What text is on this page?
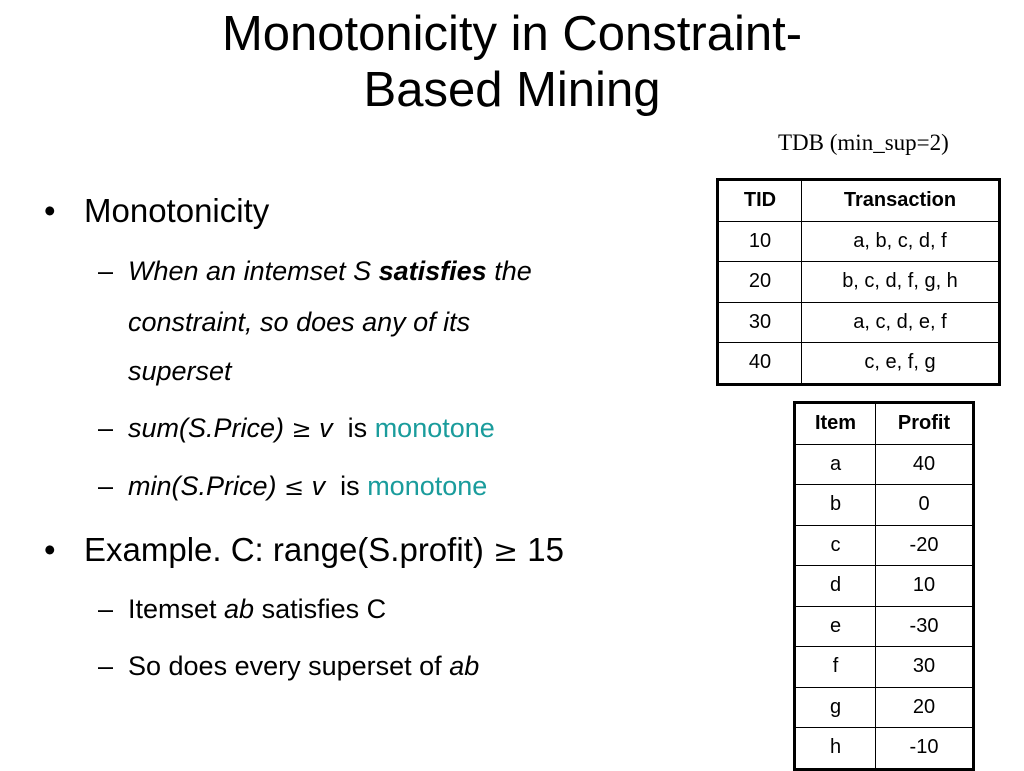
Monotonicity in Constraint-
Based Mining
TDB (min_sup=2)
• Monotonicity
– When an intemset S satisfies the
constraint, so does any of its
superset
– sum(S.Price) ≥ v is monotone
– min(S.Price) ≤ v is monotone
• Example. C: range(S.profit) ≥ 15
– Itemset ab satisfies C
– So does every superset of ab
TID	Transaction
10	a, b, c, d, f
20	b, c, d, f, g, h
30	a, c, d, e, f
40	c, e, f, g
Item	Profit
a	40
b	0
c	-20
d	10
e	-30
f	30
g	20
h	-10
